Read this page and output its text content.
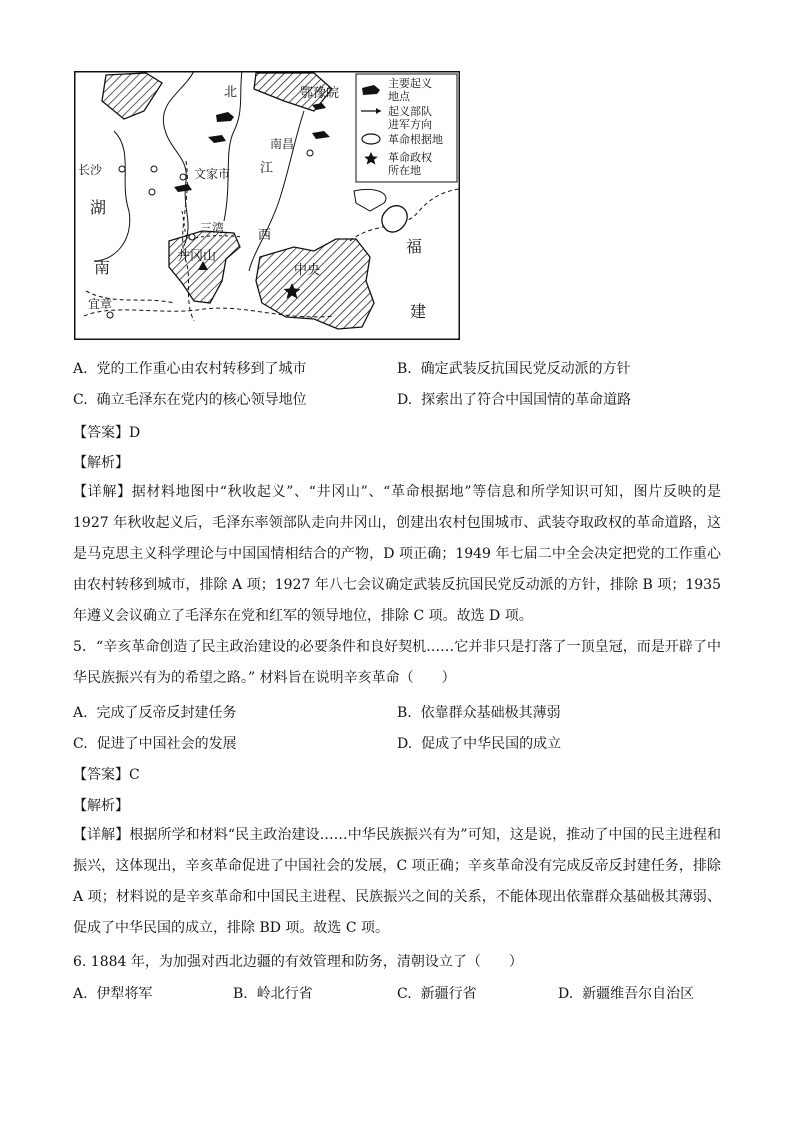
北	鄂豫皖
南昌
江
长沙	文家市
湖
南
三湾
井冈山
西
中央
宜章
福
建
主要起义
地点
起义部队
进军方向
革命根据地
革命政权
所在地
A. 党的工作重心由农村转移到了城市	B. 确定武装反抗国民党反动派的方针
C. 确立毛泽东在党内的核心领导地位	D. 探索出了符合中国国情的革命道路
【答案】D
【解析】
【详解】据材料地图中“秋收起义”、“井冈山”、“革命根据地”等信息和所学知识可知，图片反映的是 1927 年秋收起义后，毛泽东率领部队走向井冈山，创建出农村包围城市、武装夺取政权的革命道路，这是马克思主义科学理论与中国国情相结合的产物，D 项正确；1949 年七届二中全会决定把党的工作重心由农村转移到城市，排除 A 项；1927 年八七会议确定武装反抗国民党反动派的方针，排除 B 项；1935 年遵义会议确立了毛泽东在党和红军的领导地位，排除 C 项。故选 D 项。
5．“辛亥革命创造了民主政治建设的必要条件和良好契机……它并非只是打落了一顶皇冠，而是开辟了中华民族振兴有为的希望之路。” 材料旨在说明辛亥革命（　　）
A. 完成了反帝反封建任务	B. 依靠群众基础极其薄弱
C. 促进了中国社会的发展	D. 促成了中华民国的成立
【答案】C
【解析】
【详解】根据所学和材料“民主政治建设……中华民族振兴有为”可知，这是说，推动了中国的民主进程和振兴，这体现出，辛亥革命促进了中国社会的发展，C 项正确；辛亥革命没有完成反帝反封建任务，排除 A 项；材料说的是辛亥革命和中国民主进程、民族振兴之间的关系，不能体现出依靠群众基础极其薄弱、促成了中华民国的成立，排除 BD 项。故选 C 项。
6. 1884 年，为加强对西北边疆的有效管理和防务，清朝设立了（　　）
A. 伊犁将军	B. 岭北行省	C. 新疆行省	D. 新疆维吾尔自治区
